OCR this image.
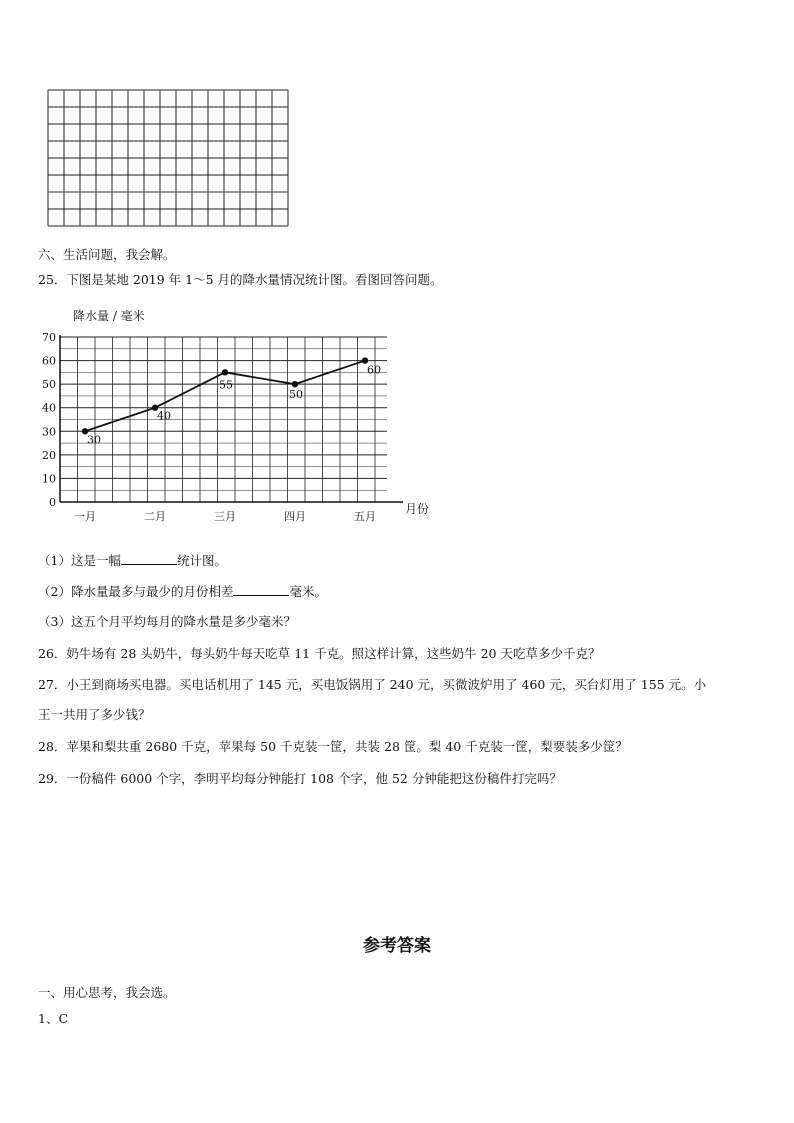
六、生活问题，我会解。
25．下图是某地 2019 年 1～5 月的降水量情况统计图。看图回答问题。
降水量 / 毫米
0
10
20
30
40
50
60
70
一月	二月	三月	四月	五月
月份
30
40
55
50
60
（1）这是一幅	统计图。
（2）降水量最多与最少的月份相差	毫米。
（3）这五个月平均每月的降水量是多少毫米？
26．奶牛场有 28 头奶牛，每头奶牛每天吃草 11 千克。照这样计算，这些奶牛 20 天吃草多少千克？
27．小王到商场买电器。买电话机用了 145 元，买电饭锅用了 240 元，买微波炉用了 460 元，买台灯用了 155 元。小
王一共用了多少钱？
28．苹果和梨共重 2680 千克，苹果每 50 千克装一筐，共装 28 筐。梨 40 千克装一筐，梨要装多少筐？
29．一份稿件 6000 个字，李明平均每分钟能打 108 个字，他 52 分钟能把这份稿件打完吗？
参考答案
一、用心思考，我会选。
1、C
